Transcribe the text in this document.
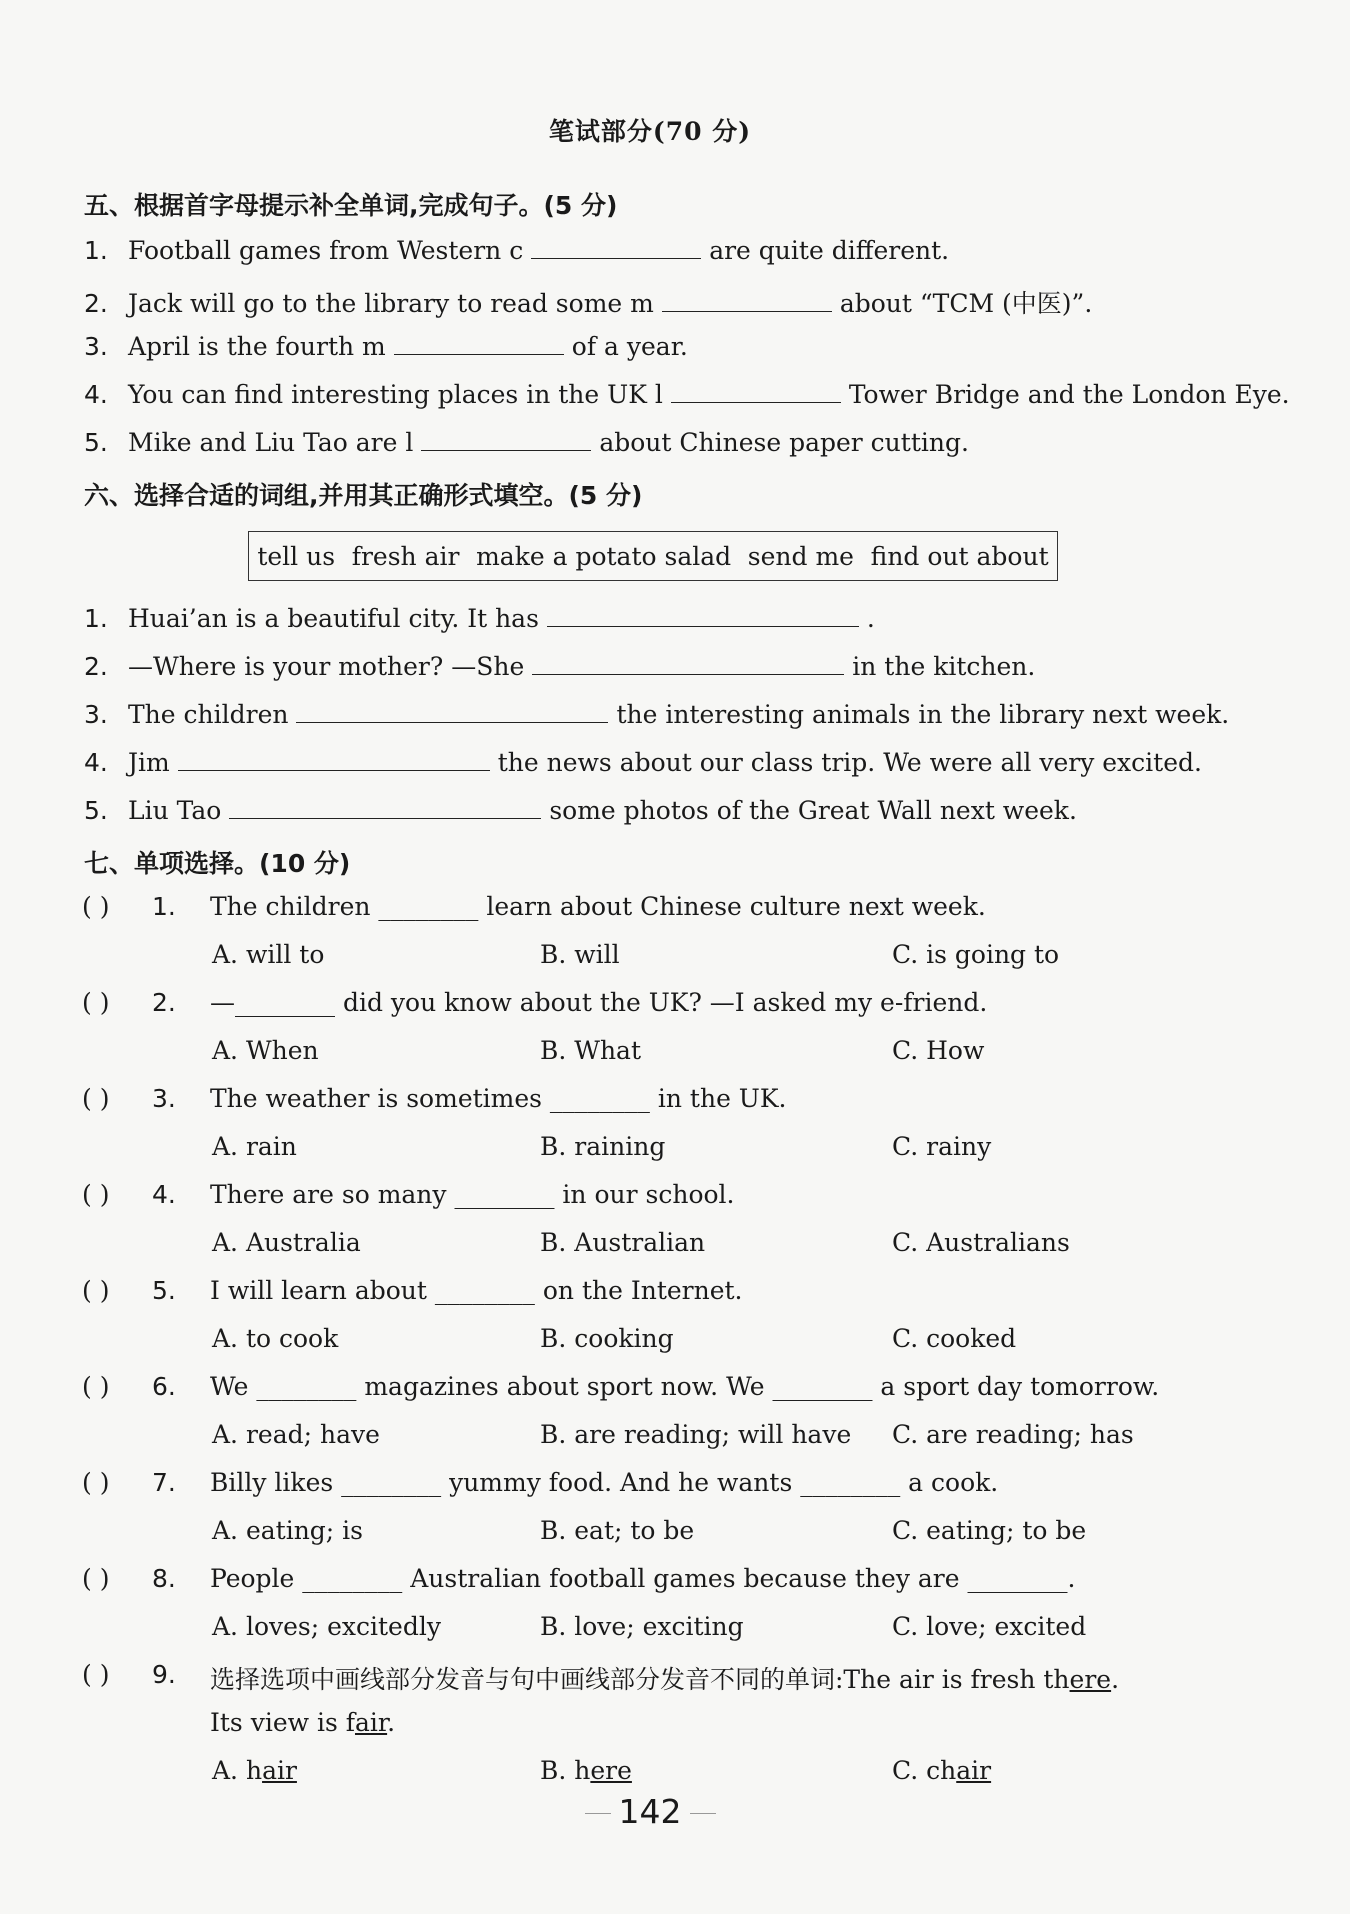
笔试部分(70 分)
五、根据首字母提示补全单词,完成句子。(5 分)
1. Football games from Western c	are quite different.
2. Jack will go to the library to read some m	about “TCM (中医)”.
3. April is the fourth m	of a year.
4. You can find interesting places in the UK l	Tower Bridge and the London Eye.
5. Mike and Liu Tao are l	about Chinese paper cutting.
六、选择合适的词组,并用其正确形式填空。(5 分)
tell us fresh air make a potato salad send me find out about
1. Huai’an is a beautiful city. It has	.
2. —Where is your mother? —She	in the kitchen.
3. The children	the interesting animals in the library next week.
4. Jim	the news about our class trip. We were all very excited.
5. Liu Tao	some photos of the Great Wall next week.
七、单项选择。(10 分)
( ) 1. The children ________ learn about Chinese culture next week.
A. will to	B. will	C. is going to
( ) 2. —________ did you know about the UK? —I asked my e-friend.
A. When	B. What	C. How
( ) 3. The weather is sometimes ________ in the UK.
A. rain	B. raining	C. rainy
( ) 4. There are so many ________ in our school.
A. Australia	B. Australian	C. Australians
( ) 5. I will learn about ________ on the Internet.
A. to cook	B. cooking	C. cooked
( ) 6. We ________ magazines about sport now. We ________ a sport day tomorrow.
A. read; have	B. are reading; will have C. are reading; has
( ) 7. Billy likes ________ yummy food. And he wants ________ a cook.
A. eating; is	B. eat; to be	C. eating; to be
( ) 8. People ________ Australian football games because they are ________.
A. loves; excitedly	B. love; exciting	C. love; excited
( ) 9. 选择选项中画线部分发音与句中画线部分发音不同的单词:The air is fresh there.
Its view is fair.
A. hair	B. here	C. chair
142
